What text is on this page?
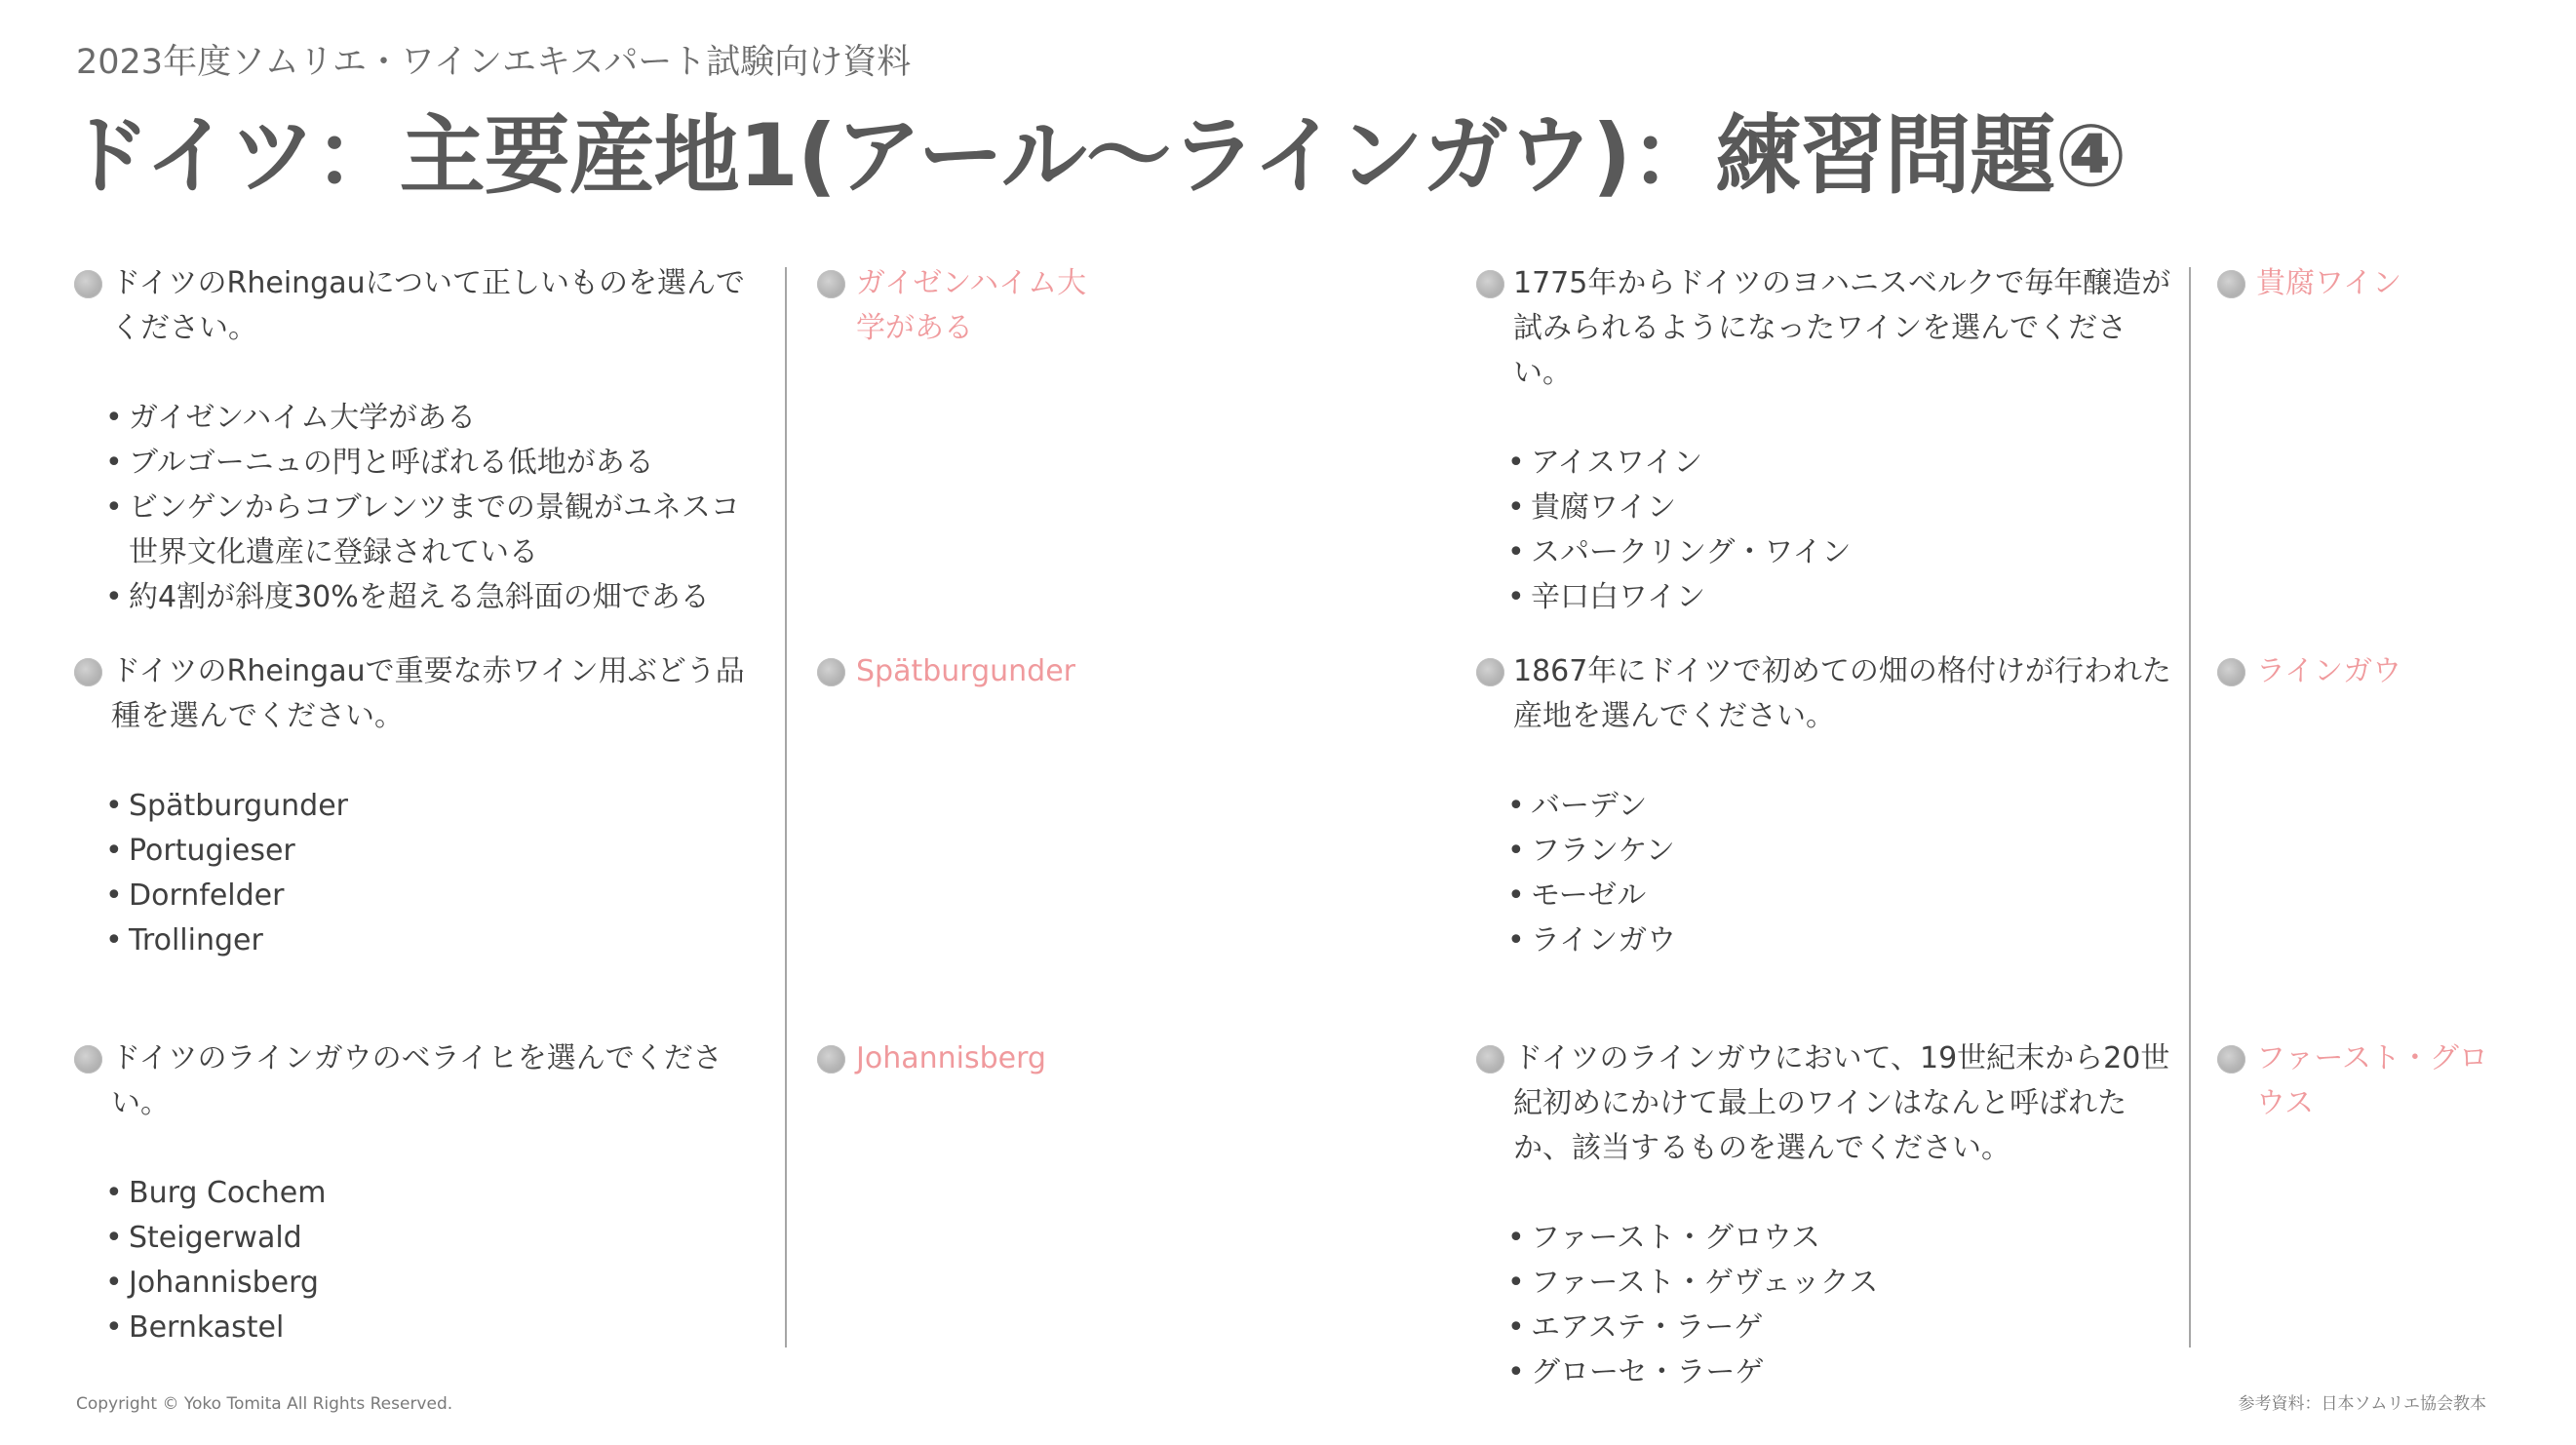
2023年度ソムリエ・ワインエキスパート試験向け資料
ドイツ：主要産地1(アール〜ラインガウ)：練習問題④
ドイツのRheingauについて正しいものを選んでください。
• ガイゼンハイム大学がある
• ブルゴーニュの門と呼ばれる低地がある
• ビンゲンからコブレンツまでの景観がユネスコ世界文化遺産に登録されている
• 約4割が斜度30%を超える急斜面の畑である
ドイツのRheingauで重要な赤ワイン用ぶどう品種を選んでください。
• Spätburgunder
• Portugieser
• Dornfelder
• Trollinger
ドイツのラインガウのベライヒを選んでください。
• Burg Cochem
• Steigerwald
• Johannisberg
• Bernkastel
ガイゼンハイム大学がある
Spätburgunder
Johannisberg
1775年からドイツのヨハニスベルクで毎年醸造が試みられるようになったワインを選んでください。
• アイスワイン
• 貴腐ワイン
• スパークリング・ワイン
• 辛口白ワイン
1867年にドイツで初めての畑の格付けが行われた産地を選んでください。
• バーデン
• フランケン
• モーゼル
• ラインガウ
ドイツのラインガウにおいて、19世紀末から20世紀初めにかけて最上のワインはなんと呼ばれたか、該当するものを選んでください。
• ファースト・グロウス
• ファースト・ゲヴェックス
• エアステ・ラーゲ
• グローセ・ラーゲ
貴腐ワイン
ラインガウ
ファースト・グロウス
Copyright © Yoko Tomita All Rights Reserved.	参考資料：日本ソムリエ協会教本
